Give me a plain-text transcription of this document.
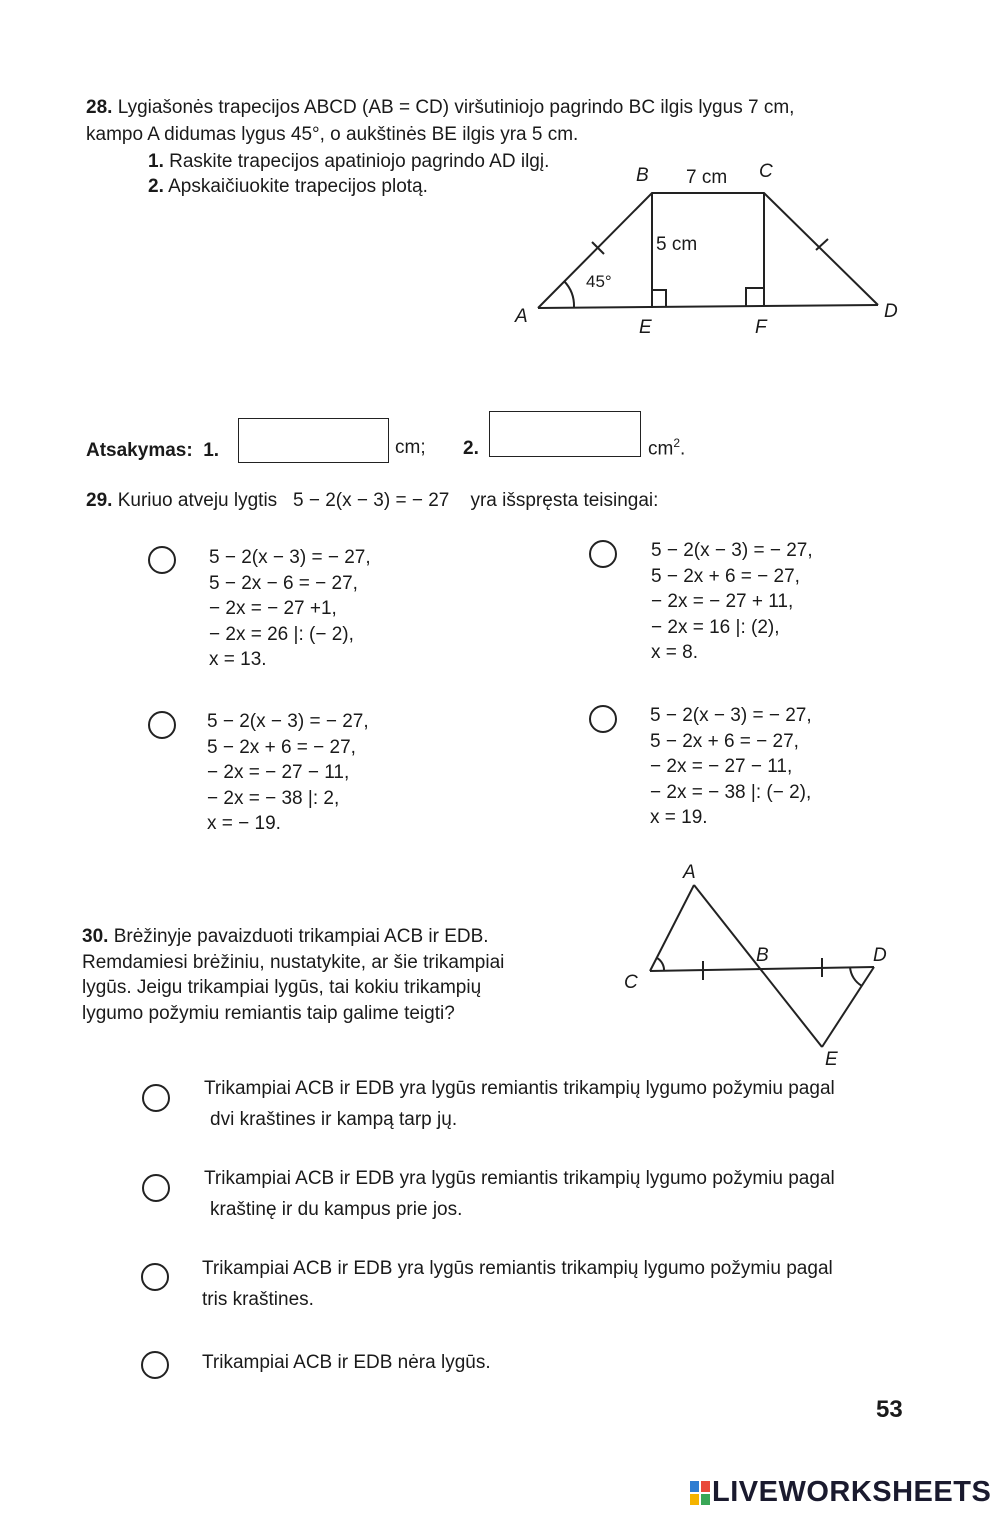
28. Lygiašonės trapecijos ABCD (AB = CD) viršutiniojo pagrindo BC ilgis lygus 7 cm,
kampo A didumas lygus 45°, o aukštinės BE ilgis yra 5 cm.
1. Raskite trapecijos apatiniojo pagrindo AD ilgį.
2. Apskaičiuokite trapecijos plotą.
B	C
A	D
E	F
7 cm
5 cm
45°
Atsakymas: 1.	cm; 2.	$cm^2$.
29. Kuriuo atveju lygtis 5 − 2(x − 3) = − 27 yra išspręsta teisingai:
5 − 2(x − 3) = − 27,
5 − 2x − 6 = − 27,
− 2x = − 27 +1,
− 2x = 26 |: (− 2),
x = 13.
5 − 2(x − 3) = − 27,
5 − 2x + 6 = − 27,
− 2x = − 27 + 11,
− 2x = 16 |: (2),
x = 8.
5 − 2(x − 3) = − 27,
5 − 2x + 6 = − 27,
− 2x = − 27 − 11,
− 2x = − 38 |: 2,
x = − 19.
5 − 2(x − 3) = − 27,
5 − 2x + 6 = − 27,
− 2x = − 27 − 11,
− 2x = − 38 |: (− 2),
x = 19.
30. Brėžinyje pavaizduoti trikampiai ACB ir EDB.
Remdamiesi brėžiniu, nustatykite, ar šie trikampiai
lygūs. Jeigu trikampiai lygūs, tai kokiu trikampių
lygumo požymiu remiantis taip galime teigti?
A
B
C
D
E
Trikampiai ACB ir EDB yra lygūs remiantis trikampių lygumo požymiu pagal
dvi kraštines ir kampą tarp jų.
Trikampiai ACB ir EDB yra lygūs remiantis trikampių lygumo požymiu pagal
kraštinę ir du kampus prie jos.
Trikampiai ACB ir EDB yra lygūs remiantis trikampių lygumo požymiu pagal
tris kraštines.
Trikampiai ACB ir EDB nėra lygūs.
53
LIVEWORKSHEETS
